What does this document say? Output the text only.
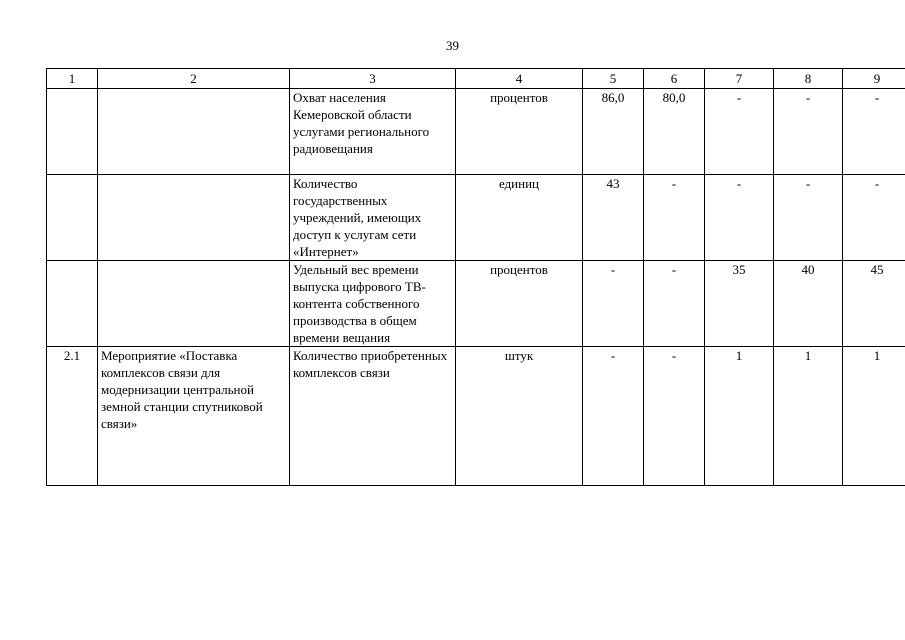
39
1	2	3	4	5	6	7	8	9
		Охват населения Кемеровской области услугами регионального радиовещания	процентов	86,0	80,0	-	-	-
		Количество государственных учреждений, имеющих доступ к услугам сети «Интернет»	единиц	43	-	-	-	-
		Удельный вес времени выпуска цифрового ТВ-контента собственного производства в общем времени вещания	процентов	-	-	35	40	45
2.1	Мероприятие «Поставка комплексов связи для модернизации центральной земной станции спутниковой связи»	Количество приобретенных комплексов связи	штук	-	-	1	1	1
